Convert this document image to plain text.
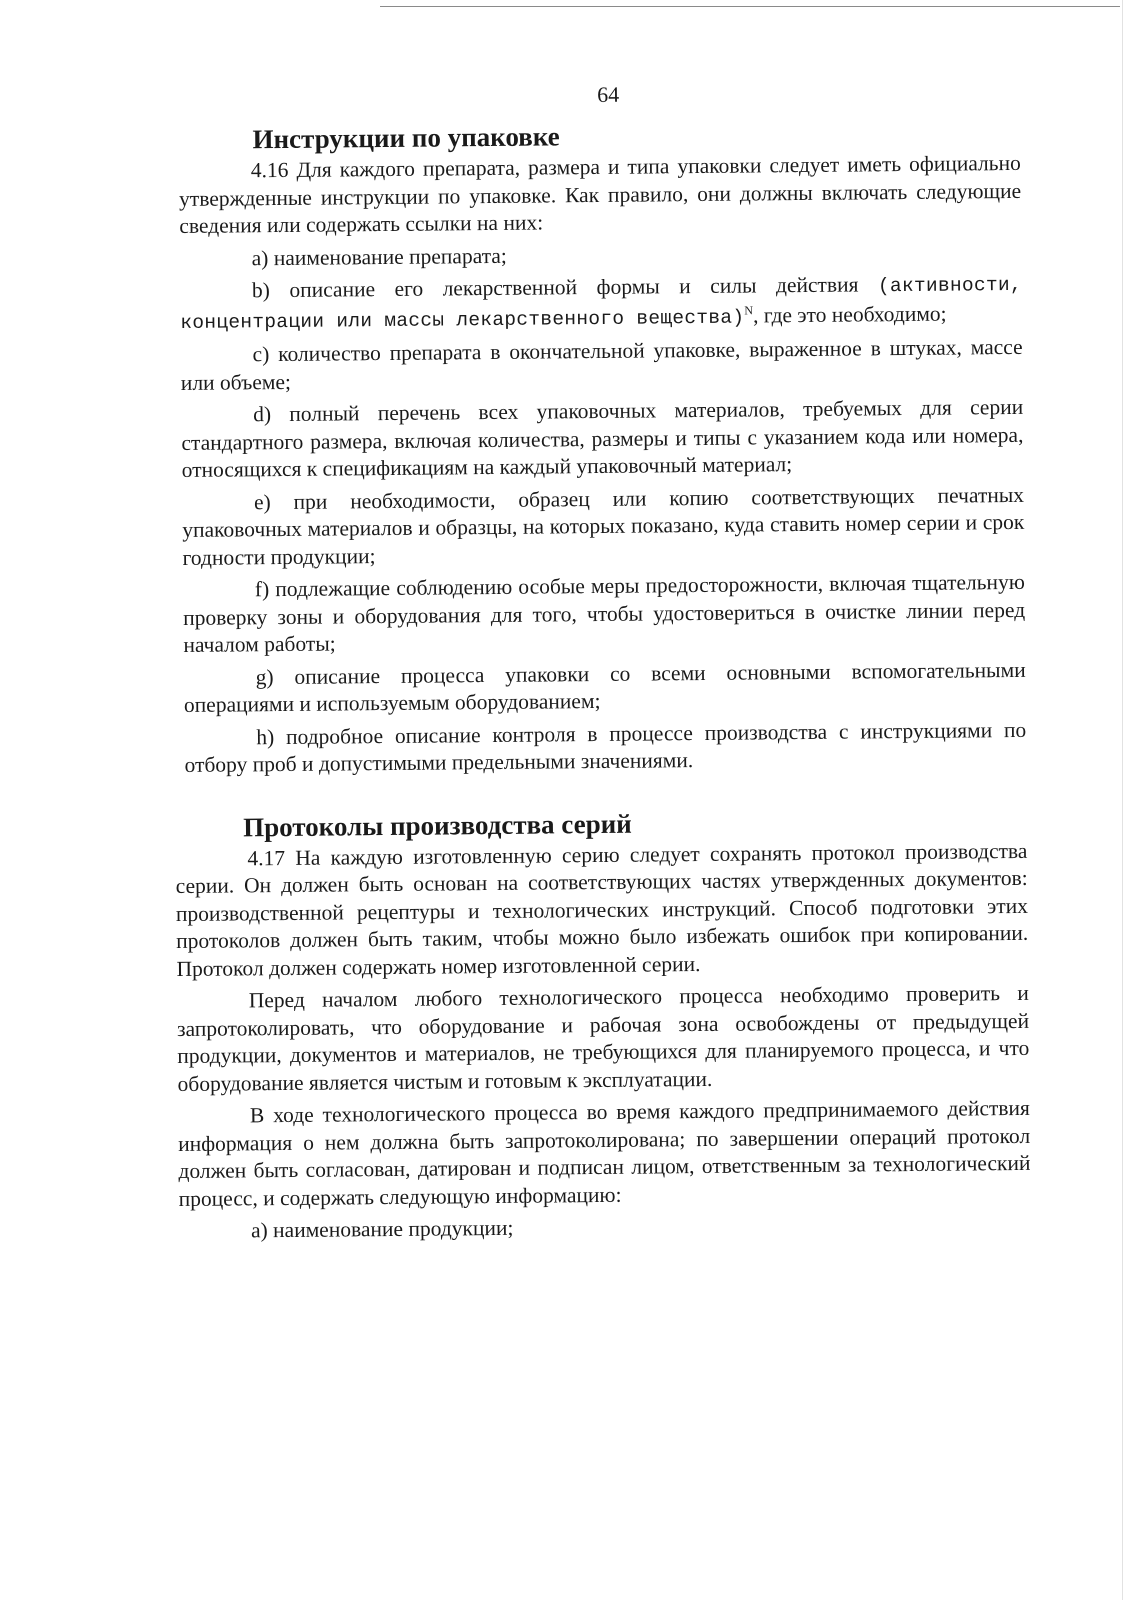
64
Инструкции по упаковке

4.16 Для каждого препарата, размера и типа упаковки следует иметь официально утвержденные инструкции по упаковке. Как правило, они должны включать следующие сведения или содержать ссылки на них:

a) наименование препарата;

b) описание его лекарственной формы и силы действия (активности, концентрации или массы лекарственного вещества)$^N$, где это необходимо;

c) количество препарата в окончательной упаковке, выраженное в штуках, массе или объеме;

d) полный перечень всех упаковочных материалов, требуемых для серии стандартного размера, включая количества, размеры и типы с указанием кода или номера, относящихся к спецификациям на каждый упаковочный материал;

e) при необходимости, образец или копию соответствующих печатных упаковочных материалов и образцы, на которых показано, куда ставить номер серии и срок годности продукции;

f) подлежащие соблюдению особые меры предосторожности, включая тщательную проверку зоны и оборудования для того, чтобы удостовериться в очистке линии перед началом работы;

g) описание процесса упаковки со всеми основными вспомогательными операциями и используемым оборудованием;

h) подробное описание контроля в процессе производства с инструкциями по отбору проб и допустимыми предельными значениями.

Протоколы производства серий

4.17 На каждую изготовленную серию следует сохранять протокол производства серии. Он должен быть основан на соответствующих частях утвержденных документов: производственной рецептуры и технологических инструкций. Способ подготовки этих протоколов должен быть таким, чтобы можно было избежать ошибок при копировании. Протокол должен содержать номер изготовленной серии.

Перед началом любого технологического процесса необходимо проверить и запротоколировать, что оборудование и рабочая зона освобождены от предыдущей продукции, документов и материалов, не требующихся для планируемого процесса, и что оборудование является чистым и готовым к эксплуатации.

В ходе технологического процесса во время каждого предпринимаемого действия информация о нем должна быть запротоколирована; по завершении операций протокол должен быть согласован, датирован и подписан лицом, ответственным за технологический процесс, и содержать следующую информацию:

a) наименование продукции;
